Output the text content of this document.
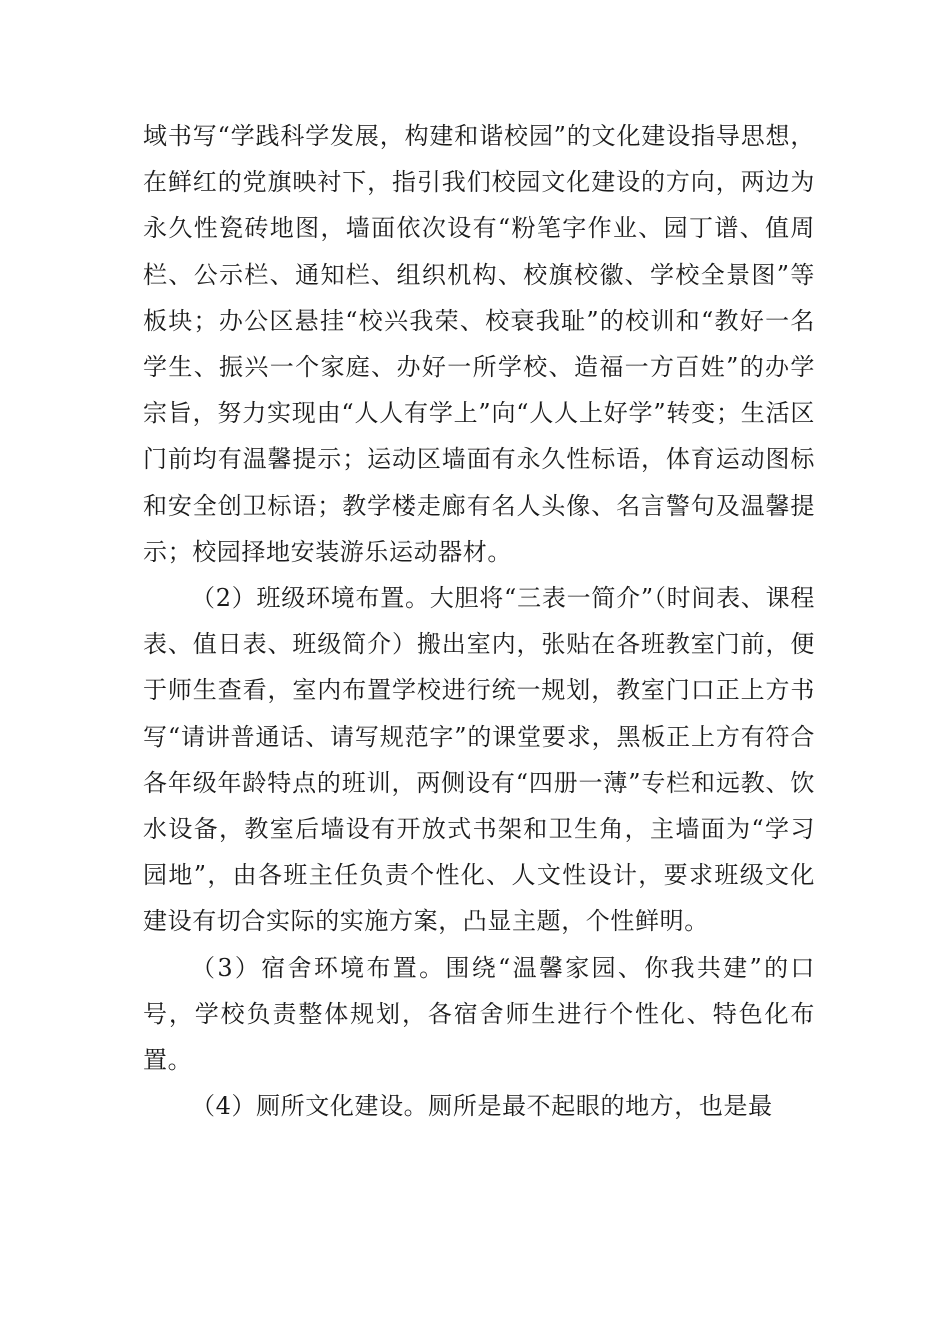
域书写“学践科学发展，构建和谐校园”的文化建设指导思想，在鲜红的党旗映衬下，指引我们校园文化建设的方向，两边为永久性瓷砖地图，墙面依次设有“粉笔字作业、园丁谱、值周栏、公示栏、通知栏、组织机构、校旗校徽、学校全景图”等板块；办公区悬挂“校兴我荣、校衰我耻”的校训和“教好一名学生、振兴一个家庭、办好一所学校、造福一方百姓”的办学宗旨，努力实现由“人人有学上”向“人人上好学”转变；生活区门前均有温馨提示；运动区墙面有永久性标语，体育运动图标和安全创卫标语；教学楼走廊有名人头像、名言警句及温馨提示；校园择地安装游乐运动器材。

（2）班级环境布置。大胆将“三表一简介”（时间表、课程表、值日表、班级简介）搬出室内，张贴在各班教室门前，便于师生查看，室内布置学校进行统一规划，教室门口正上方书写“请讲普通话、请写规范字”的课堂要求，黑板正上方有符合各年级年龄特点的班训，两侧设有“四册一薄”专栏和远教、饮水设备，教室后墙设有开放式书架和卫生角，主墙面为“学习园地”，由各班主任负责个性化、人文性设计，要求班级文化建设有切合实际的实施方案，凸显主题，个性鲜明。

（3）宿舍环境布置。围绕“温馨家园、你我共建”的口号，学校负责整体规划，各宿舍师生进行个性化、特色化布置。

（4）厕所文化建设。厕所是最不起眼的地方，也是最
